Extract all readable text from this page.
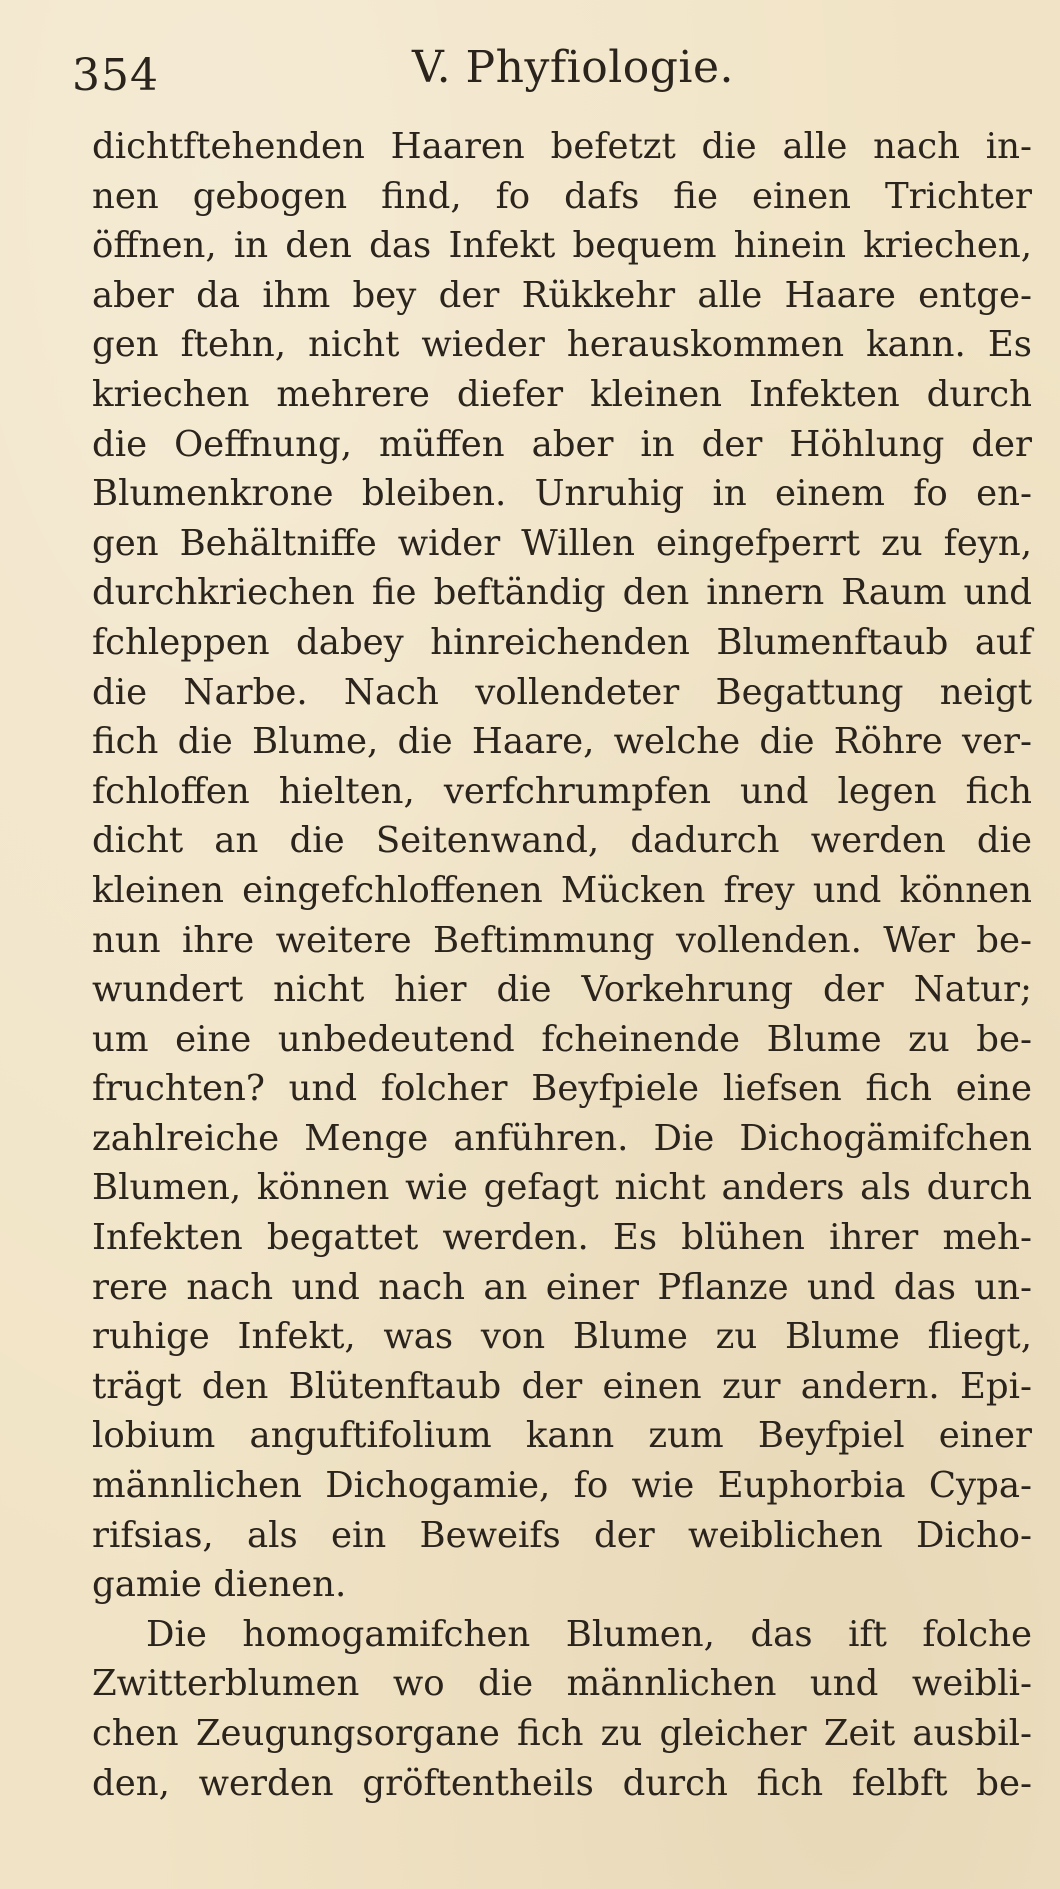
354	V. Phyfiologie.
dichtftehenden Haaren befetzt die alle nach in-
nen gebogen find, fo dafs fie einen Trichter
öffnen, in den das Infekt bequem hinein kriechen,
aber da ihm bey der Rükkehr alle Haare entge-
gen ftehn, nicht wieder herauskommen kann. Es
kriechen mehrere diefer kleinen Infekten durch
die Oeffnung, müffen aber in der Höhlung der
Blumenkrone bleiben. Unruhig in einem fo en-
gen Behältniffe wider Willen eingefperrt zu feyn,
durchkriechen fie beftändig den innern Raum und
fchleppen dabey hinreichenden Blumenftaub auf
die Narbe. Nach vollendeter Begattung neigt
fich die Blume, die Haare, welche die Röhre ver-
fchloffen hielten, verfchrumpfen und legen fich
dicht an die Seitenwand, dadurch werden die
kleinen eingefchloffenen Mücken frey und können
nun ihre weitere Beftimmung vollenden. Wer be-
wundert nicht hier die Vorkehrung der Natur;
um eine unbedeutend fcheinende Blume zu be-
fruchten? und folcher Beyfpiele liefsen fich eine
zahlreiche Menge anführen. Die Dichogämifchen
Blumen, können wie gefagt nicht anders als durch
Infekten begattet werden. Es blühen ihrer meh-
rere nach und nach an einer Pflanze und das un-
ruhige Infekt, was von Blume zu Blume fliegt,
trägt den Blütenftaub der einen zur andern. Epi-
lobium anguftifolium kann zum Beyfpiel einer
männlichen Dichogamie, fo wie Euphorbia Cypa-
rifsias, als ein Beweifs der weiblichen Dicho-
gamie dienen.
Die homogamifchen Blumen, das ift folche
Zwitterblumen wo die männlichen und weibli-
chen Zeugungsorgane fich zu gleicher Zeit ausbil-
den, werden gröftentheils durch fich felbft be-
